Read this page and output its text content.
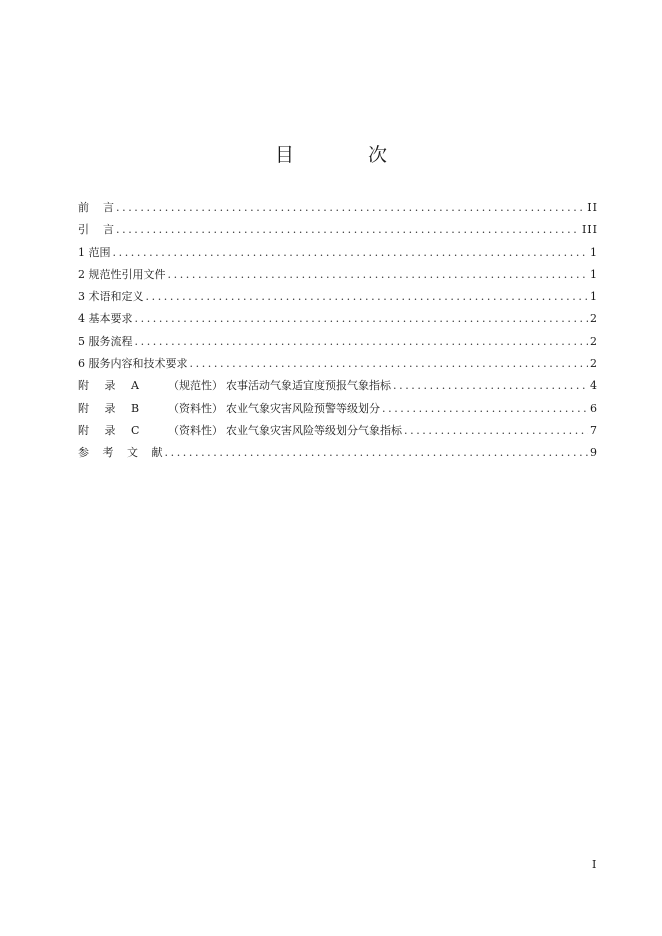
目 次
前    言 .....	II
引    言 .....	III
1 范围 .....	1
2 规范性引用文件 .....	1
3 术语和定义 .....	1
4 基本要求 .....	2
5 服务流程 .....	2
6 服务内容和技术要求 .....	2
附 录 A	（规范性） 农事活动气象适宜度预报气象指标 .....	4
附 录 B	（资料性） 农业气象灾害风险预警等级划分 .....	6
附 录 C	（资料性） 农业气象灾害风险等级划分气象指标 .....	7
参 考 文 献 .....	9
I
